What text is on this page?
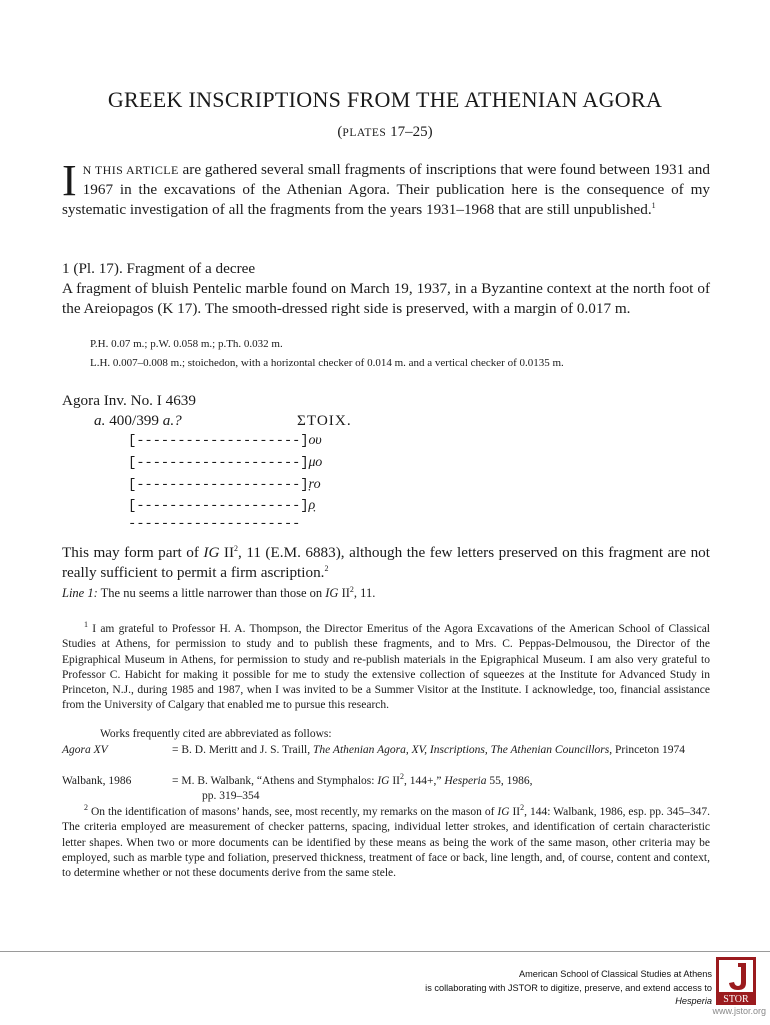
GREEK INSCRIPTIONS FROM THE ATHENIAN AGORA
(PLATES 17–25)
I N THIS ARTICLE are gathered several small fragments of inscriptions that were found between 1931 and 1967 in the excavations of the Athenian Agora. Their publication here is the consequence of my systematic investigation of all the fragments from the years 1931–1968 that are still unpublished.$^1$
1 (Pl. 17). Fragment of a decree
A fragment of bluish Pentelic marble found on March 19, 1937, in a Byzantine context at the north foot of the Areiopagos (K 17). The smooth-dressed right side is preserved, with a margin of 0.017 m.
P.H. 0.07 m.; p.W. 0.058 m.; p.Th. 0.032 m.
L.H. 0.007–0.008 m.; stoichedon, with a horizontal checker of 0.014 m. and a vertical checker of 0.0135 m.
Agora Inv. No. I 4639
a. 400/399 a.?	ΣΤΟΙΧ.
[--------------------]ου
[--------------------]μο
[--------------------]ṛο
[--------------------]ρ̣
---------------------
This may form part of IG $II^2$, 11 (E.M. 6883), although the few letters preserved on this fragment are not really sufficient to permit a firm ascription.$^2$
Line 1: The nu seems a little narrower than those on IG $II^2$, 11.
$^1$ I am grateful to Professor H. A. Thompson, the Director Emeritus of the Agora Excavations of the American School of Classical Studies at Athens, for permission to study and to publish these fragments, and to Mrs. C. Peppas-Delmousou, the Director of the Epigraphical Museum in Athens, for permission to study and re-publish materials in the Epigraphical Museum. I am also very grateful to Professor C. Habicht for making it possible for me to study the extensive collection of squeezes at the Institute for Advanced Study in Princeton, N.J., during 1985 and 1987, when I was invited to be a Summer Visitor at the Institute. I acknowledge, too, financial assistance from the University of Calgary that enabled me to pursue this research.
Works frequently cited are abbreviated as follows:
Agora XV	= B. D. Meritt and J. S. Traill, The Athenian Agora, XV, Inscriptions, The Athenian Councillors, Princeton 1974
Walbank, 1986	= M. B. Walbank, “Athens and Stymphalos: IG $II^2$, 144+,” Hesperia 55, 1986,
pp. 319–354
$^2$ On the identification of masons’ hands, see, most recently, my remarks on the mason of IG $II^2$, 144: Walbank, 1986, esp. pp. 345–347. The criteria employed are measurement of checker patterns, spacing, individual letter strokes, and identification of certain characteristic letter shapes. When two or more documents can be identified by these means as being the work of the same mason, other criteria may be employed, such as marble type and foliation, preserved thickness, treatment of face or back, line length, and, of course, content and context, to determine whether or not these documents derive from the same stele.
American School of Classical Studies at Athens
is collaborating with JSTOR to digitize, preserve, and extend access to
Hesperia STOR
www.jstor.org
